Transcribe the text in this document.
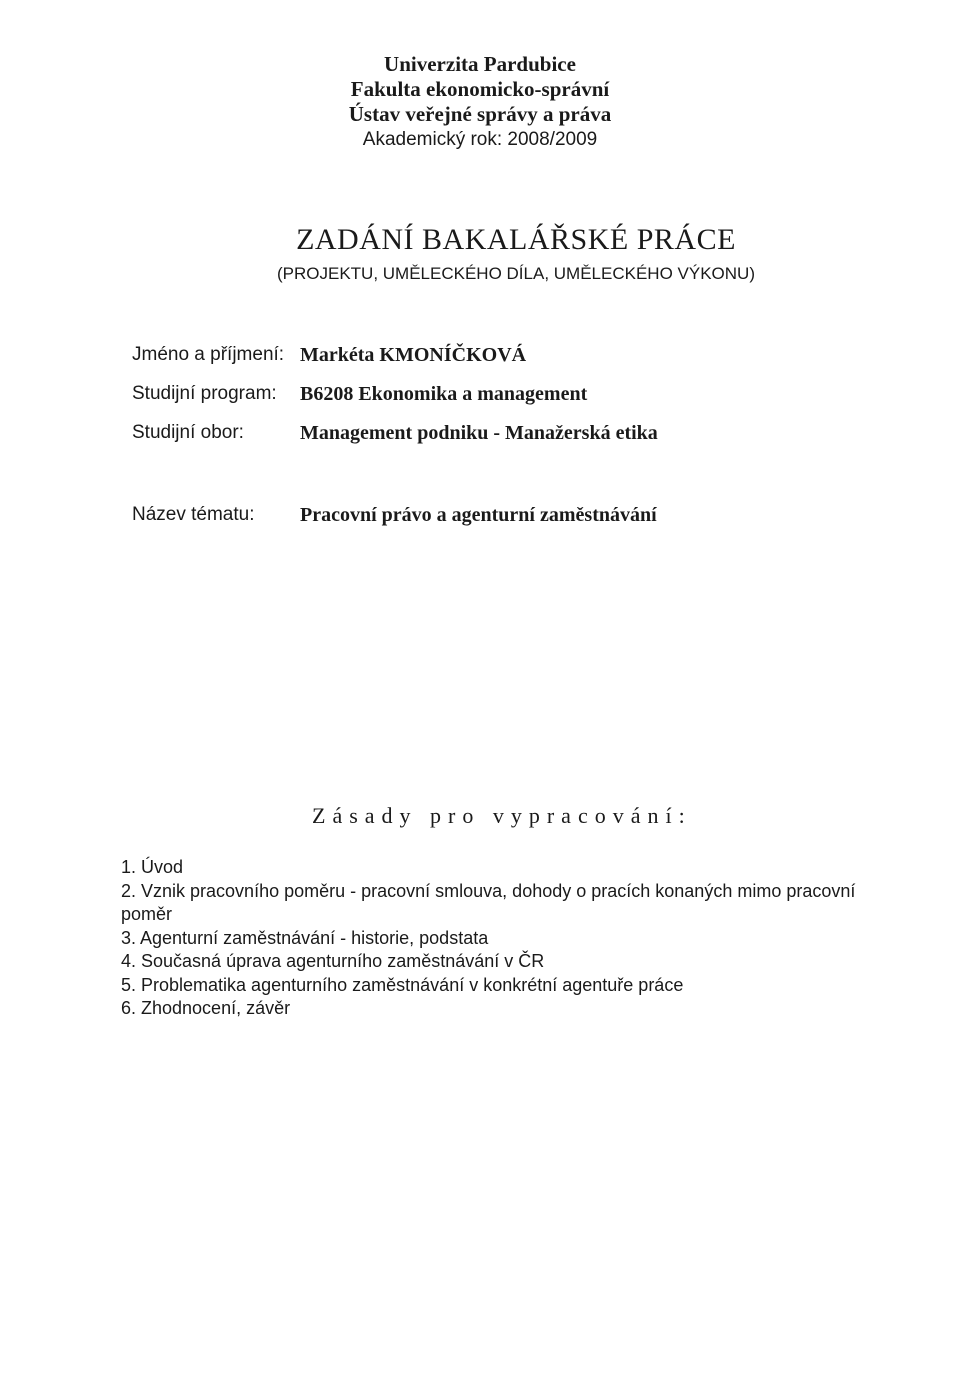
Univerzita Pardubice
Fakulta ekonomicko-správní
Ústav veřejné správy a práva
Akademický rok: 2008/2009
ZADÁNÍ BAKALÁŘSKÉ PRÁCE
(PROJEKTU, UMĚLECKÉHO DÍLA, UMĚLECKÉHO VÝKONU)
Jméno a příjmení: Markéta KMONÍČKOVÁ
Studijní program:	B6208 Ekonomika a management
Studijní obor:	Management podniku - Manažerská etika
Název tématu:	Pracovní právo a agenturní zaměstnávání
Zásady pro vypracování:
1. Úvod
2. Vznik pracovního poměru - pracovní smlouva, dohody o pracích konaných mimo pracovní poměr
3. Agenturní zaměstnávání - historie, podstata
4. Současná úprava agenturního zaměstnávání v ČR
5. Problematika agenturního zaměstnávání v konkrétní agentuře práce
6. Zhodnocení, závěr
